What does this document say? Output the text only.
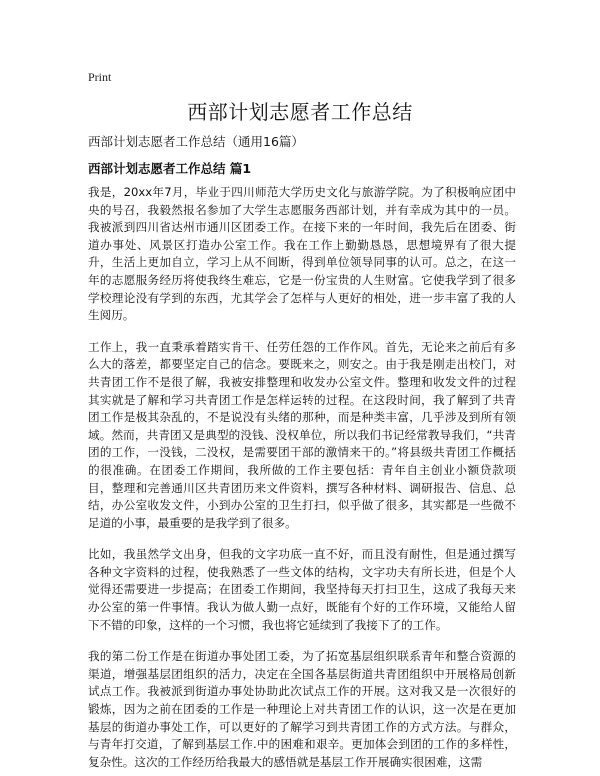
Print
西部计划志愿者工作总结
西部计划志愿者工作总结（通用16篇）
西部计划志愿者工作总结 篇1

我是，20xx年7月，毕业于四川师范大学历史文化与旅游学院。为了积极响应团中央的号召，我毅然报名参加了大学生志愿服务西部计划，并有幸成为其中的一员。我被派到四川省达州市通川区团委工作。在接下来的一年时间，我先后在团委、街道办事处、风景区打造办公室工作。我在工作上勤勤恳恳，思想境界有了很大提升，生活上更加自立，学习上从不间断，得到单位领导同事的认可。总之，在这一年的志愿服务经历将使我终生难忘，它是一份宝贵的人生财富。它使我学到了很多学校理论没有学到的东西，尤其学会了怎样与人更好的相处，进一步丰富了我的人生阅历。

工作上，我一直秉承着踏实肯干、任劳任怨的工作作风。首先，无论来之前后有多么大的落差，都要坚定自己的信念。要既来之，则安之。由于我是刚走出校门，对共青团工作不是很了解，我被安排整理和收发办公室文件。整理和收发文件的过程其实就是了解和学习共青团工作是怎样运转的过程。在这段时间，我了解到了共青团工作是极其杂乱的，不是说没有头绪的那种，而是种类丰富，几乎涉及到所有领域。然而，共青团又是典型的没钱、没权单位，所以我们书记经常教导我们，“共青团的工作，一没钱，二没权，是需要团干部的激情来干的。”将县级共青团工作概括的很准确。在团委工作期间，我所做的工作主要包括：青年自主创业小额贷款项目，整理和完善通川区共青团历来文件资料，撰写各种材料、调研报告、信息、总结，办公室收发文件，小到办公室的卫生打扫，似乎做了很多，其实都是一些微不足道的小事，最重要的是我学到了很多。

比如，我虽然学文出身，但我的文字功底一直不好，而且没有耐性，但是通过撰写各种文字资料的过程，使我熟悉了一些文体的结构，文字功夫有所长进，但是个人觉得还需要进一步提高；在团委工作期间，我坚持每天打扫卫生，这成了我每天来办公室的第一件事情。我认为做人勤一点好，既能有个好的工作环境，又能给人留下不错的印象，这样的一个习惯，我也将它延续到了我接下了的工作。

我的第二份工作是在街道办事处团工委，为了拓宽基层组织联系青年和整合资源的渠道，增强基层团组织的活力，决定在全国各基层街道共青团组织中开展格局创新试点工作。我被派到街道办事处协助此次试点工作的开展。这对我又是一次很好的锻炼，因为之前在团委的工作是一种理论上对共青团工作的认识，这一次是在更加基层的街道办事处工作，可以更好的了解学习到共青团工作的方式方法。与群众，与青年打交道，了解到基层工作.中的困难和艰辛。更加体会到团的工作的多样性，复杂性。这次的工作经历给我最大的感悟就是基层工作开展确实很困难，这需
